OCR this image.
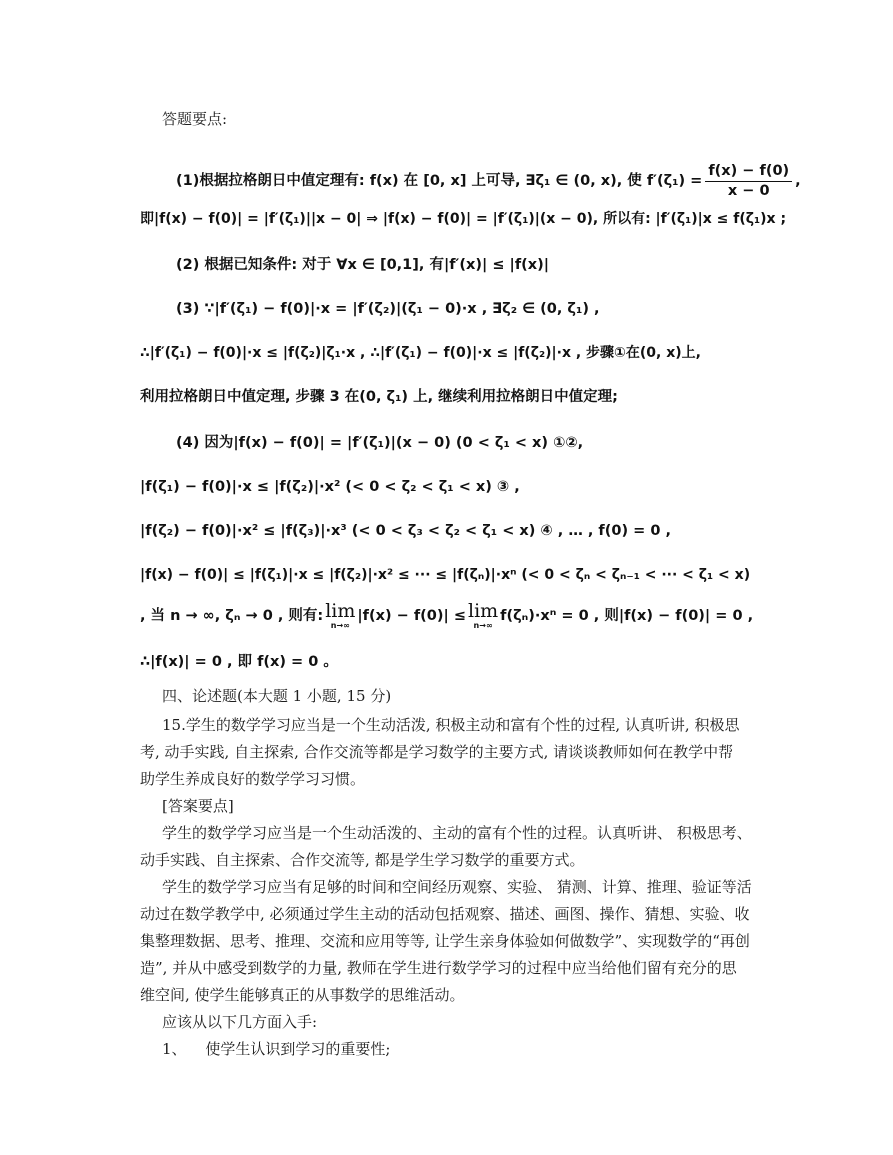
答题要点:
(1)根据拉格朗日中值定理有: f(x) 在 [0, x] 上可导, ∃ζ₁ ∈ (0, x), 使 $f'(\zeta_1) = \frac{f(x) - f(0)}{x - 0}$ ,
即|f(x) − f(0)| = |f′(ζ₁)||x − 0| ⇒ |f(x) − f(0)| = |f′(ζ₁)|(x − 0), 所以有: |f′(ζ₁)|x ≤ f(ζ₁)x ;
(2) 根据已知条件: 对于 ∀x ∈ [0,1], 有|f′(x)| ≤ |f(x)|
(3) ∵|f′(ζ₁) − f(0)|·x = |f′(ζ₂)|(ζ₁ − 0)·x , ∃ζ₂ ∈ (0, ζ₁) ,
∴|f′(ζ₁) − f(0)|·x ≤ |f(ζ₂)|ζ₁·x , ∴|f′(ζ₁) − f(0)|·x ≤ |f(ζ₂)|·x , 步骤①在(0, x)上,
利用拉格朗日中值定理, 步骤 3 在(0, ζ₁) 上, 继续利用拉格朗日中值定理;
(4) 因为|f(x) − f(0)| = |f′(ζ₁)|(x − 0) (0 < ζ₁ < x) ①②,
|f(ζ₁) − f(0)|·x ≤ |f(ζ₂)|·x² (< 0 < ζ₂ < ζ₁ < x) ③ ,
|f(ζ₂) − f(0)|·x² ≤ |f(ζ₃)|·x³ (< 0 < ζ₃ < ζ₂ < ζ₁ < x) ④ , … , f(0) = 0 ,
|f(x) − f(0)| ≤ |f(ζ₁)|·x ≤ |f(ζ₂)|·x² ≤ ··· ≤ |f(ζₙ)|·xⁿ (< 0 < ζₙ < ζₙ₋₁ < ··· < ζ₁ < x)
, 当 n → ∞, ζₙ → 0 , 则有: lim
n→∞
|f(x) − f(0)| ≤ lim
n→∞
f(ζₙ)·xⁿ = 0 , 则|f(x) − f(0)| = 0 ,
∴|f(x)| = 0 , 即 f(x) = 0 。
四、论述题(本大题 1 小题, 15 分)
15.学生的数学学习应当是一个生动活泼, 积极主动和富有个性的过程, 认真听讲, 积极思
考, 动手实践, 自主探索, 合作交流等都是学习数学的主要方式, 请谈谈教师如何在教学中帮
助学生养成良好的数学学习习惯。
[答案要点]
学生的数学学习应当是一个生动活泼的、主动的富有个性的过程。认真听讲、 积极思考、
动手实践、自主探索、合作交流等, 都是学生学习数学的重要方式。
学生的数学学习应当有足够的时间和空间经历观察、实验、 猜测、计算、推理、验证等活
动过在数学教学中, 必须通过学生主动的活动包括观察、描述、画图、操作、猜想、实验、收
集整理数据、思考、推理、交流和应用等等, 让学生亲身体验如何做数学”、实现数学的“再创
造”, 并从中感受到数学的力量, 教师在学生进行数学学习的过程中应当给他们留有充分的思
维空间, 使学生能够真正的从事数学的思维活动。
应该从以下几方面入手:
1、 使学生认识到学习的重要性;
